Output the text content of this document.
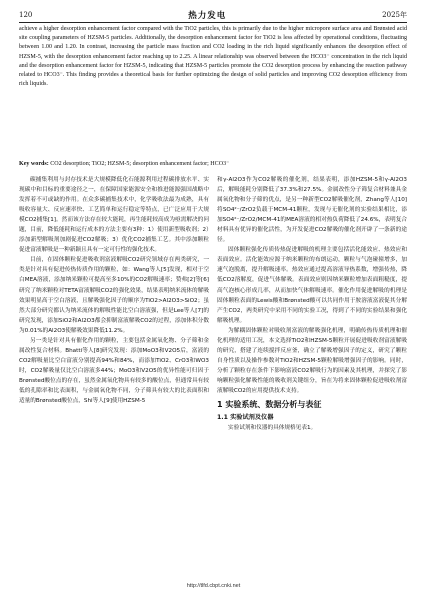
120	热力发电	2025年
achieve a higher desorption enhancement factor compared with the TiO2 particles, this is primarily due to the higher micropore surface area and Brønsted acid site coupling parameters of HZSM-5 particles. Additionally, the desorption enhancement factor for TiO2 is less affected by operational conditions, fluctuating between 1.00 and 1.20. In contrast, increasing the particle mass fraction and CO2 loading in the rich liquid significantly enhances the desorption effect of HZSM-5, with the desorption enhancement factor reaching up to 2.25. A linear relationship was observed between the HCO3⁻ concentration in the rich liquid and the desorption enhancement factor for HZSM-5, indicating that HZSM-5 particles promote the CO2 desorption process by enhancing the reaction pathway related to HCO3⁻. This finding provides a theoretical basis for further optimizing the design of solid particles and improving CO2 desorption efficiency from rich liquids.
Key words: CO2 desorption; TiO2; HZSM-5; desorption enhancement factor; HCO3⁻

碳捕集利用与封存技术是大规模降低化石能源利用过程碳排放水平、实现碳中和目标的重要途径之一，在保障国家能源安全和推进能源强国战略中发挥着不可或缺的作用。在众多碳捕集技术中，化学吸收法最为成熟，具有吸收容量大、反应速率快、工艺简单和运行稳定等特点，已广泛应用于大规模CO2捕集[1]。然而该方法存在较大能耗，再生能耗较高成为亟需解决的问题，目前，降低能耗和运行成本的方法主要有3种：1）使用新型吸收剂；2）添加新型解吸剂加剧促进CO2解吸；3）优化CO2捕集工艺。其中添加颗粒促进富液解吸是一种新颖且具有一定可行性的强化技术。

目前，在固体颗粒促进吸收剂富液解吸CO2研究领域存在两类研究，一类是针对具有促进传热传质作用的颗粒，如：Wang等人[5]发现，相对于空白MEA溶液，添加纳米颗粒可提高至多10%的CO2解吸速率；赞弗[2]等[6]研究了纳米颗粒对TETA富液解吸CO2的强化效果，结果表明纳米流体的解吸效果明显高于空白溶液，且解吸强化因子的顺序为TiO2>Al2O3>SiO2；虽然大部分研究都认为纳米流体的解吸性能比空白溶液强，但是Lee等人[7]的研究发现，添加SiO2和Al2O3都会抑制富液解吸CO2的过程，添加体积分数为0.01%的Al2O3使解吸效果降低11.2%。

另一类是针对具有催化作用的颗粒，主要包括金属氧化物、分子筛和金属改性复合材料。Bhatti等人[8]研究发现：添加MoO3和V2O5后，富液的CO2解吸量比空白富液分别提高94%和84%，而添加TiO2、CrO3和WO3时，CO2解吸量仅比空白溶液多44%；MoO3和V2O5的优异性能可归因于Brønsted酸位点的存在，虽然金属氧化物具有较多的酸位点，但通常具有较低的孔隙率和比表面积，与金属氧化物不同，分子筛具有较大的比表面积和适量的Brønsted酸位点，Shi等人[9]使用HZSM-5

和γ-Al2O3作为CO2解吸的催化剂，结果表明，添加HZSM-5和γ-Al2O3后，解吸能耗分别降低了37.3%和27.5%。金属改性分子筛复合材料兼具金属氧化物和分子筛的优点，是另一种新型CO2解吸催化剂，Zhang等人[10]将SO4²⁻/ZrO2负载于MCM-41颗粒，发现与无催化剂的实验结果相比，添加SO4²⁻/ZrO2/MCM-41的MEA溶液的相对热负荷降低了24.6%，表明复合材料具有优异的催化活性，为开发促进CO2解吸的催化剂开辟了一条新的途径。

固体颗粒强化传质传热促进解吸的机理主要包括活化能效应、热效应和表面效应。活化能效应源于纳米颗粒的布朗运动，颗粒与气泡碰撞增多，加速气泡脱离，提升解吸速率。热效应通过提高溶液导热系数，增强传热，降低CO2溶解度，促进气体解吸。表面效应则因纳米颗粒增加表面粗糙度，提高气泡核心形成几率，从而加快气体解吸速率。催化作用促进解吸的机理是固体颗粒表面的Lewis酸和Brønsted酸可以共同作用于胺溶液富液促其分解产生CO2，两类研究中采用不同的实验工况，得到了不同的实验结果和强化解吸机理。

为解耦固体颗粒对吸收剂富液的解吸强化机理，明确传热传质机理和催化机理的适用工况，本文选择TiO2和HZSM-5颗粒开展促进吸收剂富液解吸的研究，搭建了连续搅拌反应釜，确立了解吸增强因子的定义，研究了颗粒自身性质以及操作参数对TiO2和HZSM-5颗粒解吸增强因子的影响。同时，分析了颗粒存在条件下影响富液CO2解吸行为的因素及其机理，并探究了影响颗粒强化解吸性能的吸收剂关键组分，旨在为将来固体颗粒促进吸收剂富液解吸CO2的应用提供技术支持。

1 实验系统、数据分析与表征
1.1 实验试剂及仪器

实验试剂和仪器的具体规格见表1。

http://tlfd.cbpt.cnki.net
